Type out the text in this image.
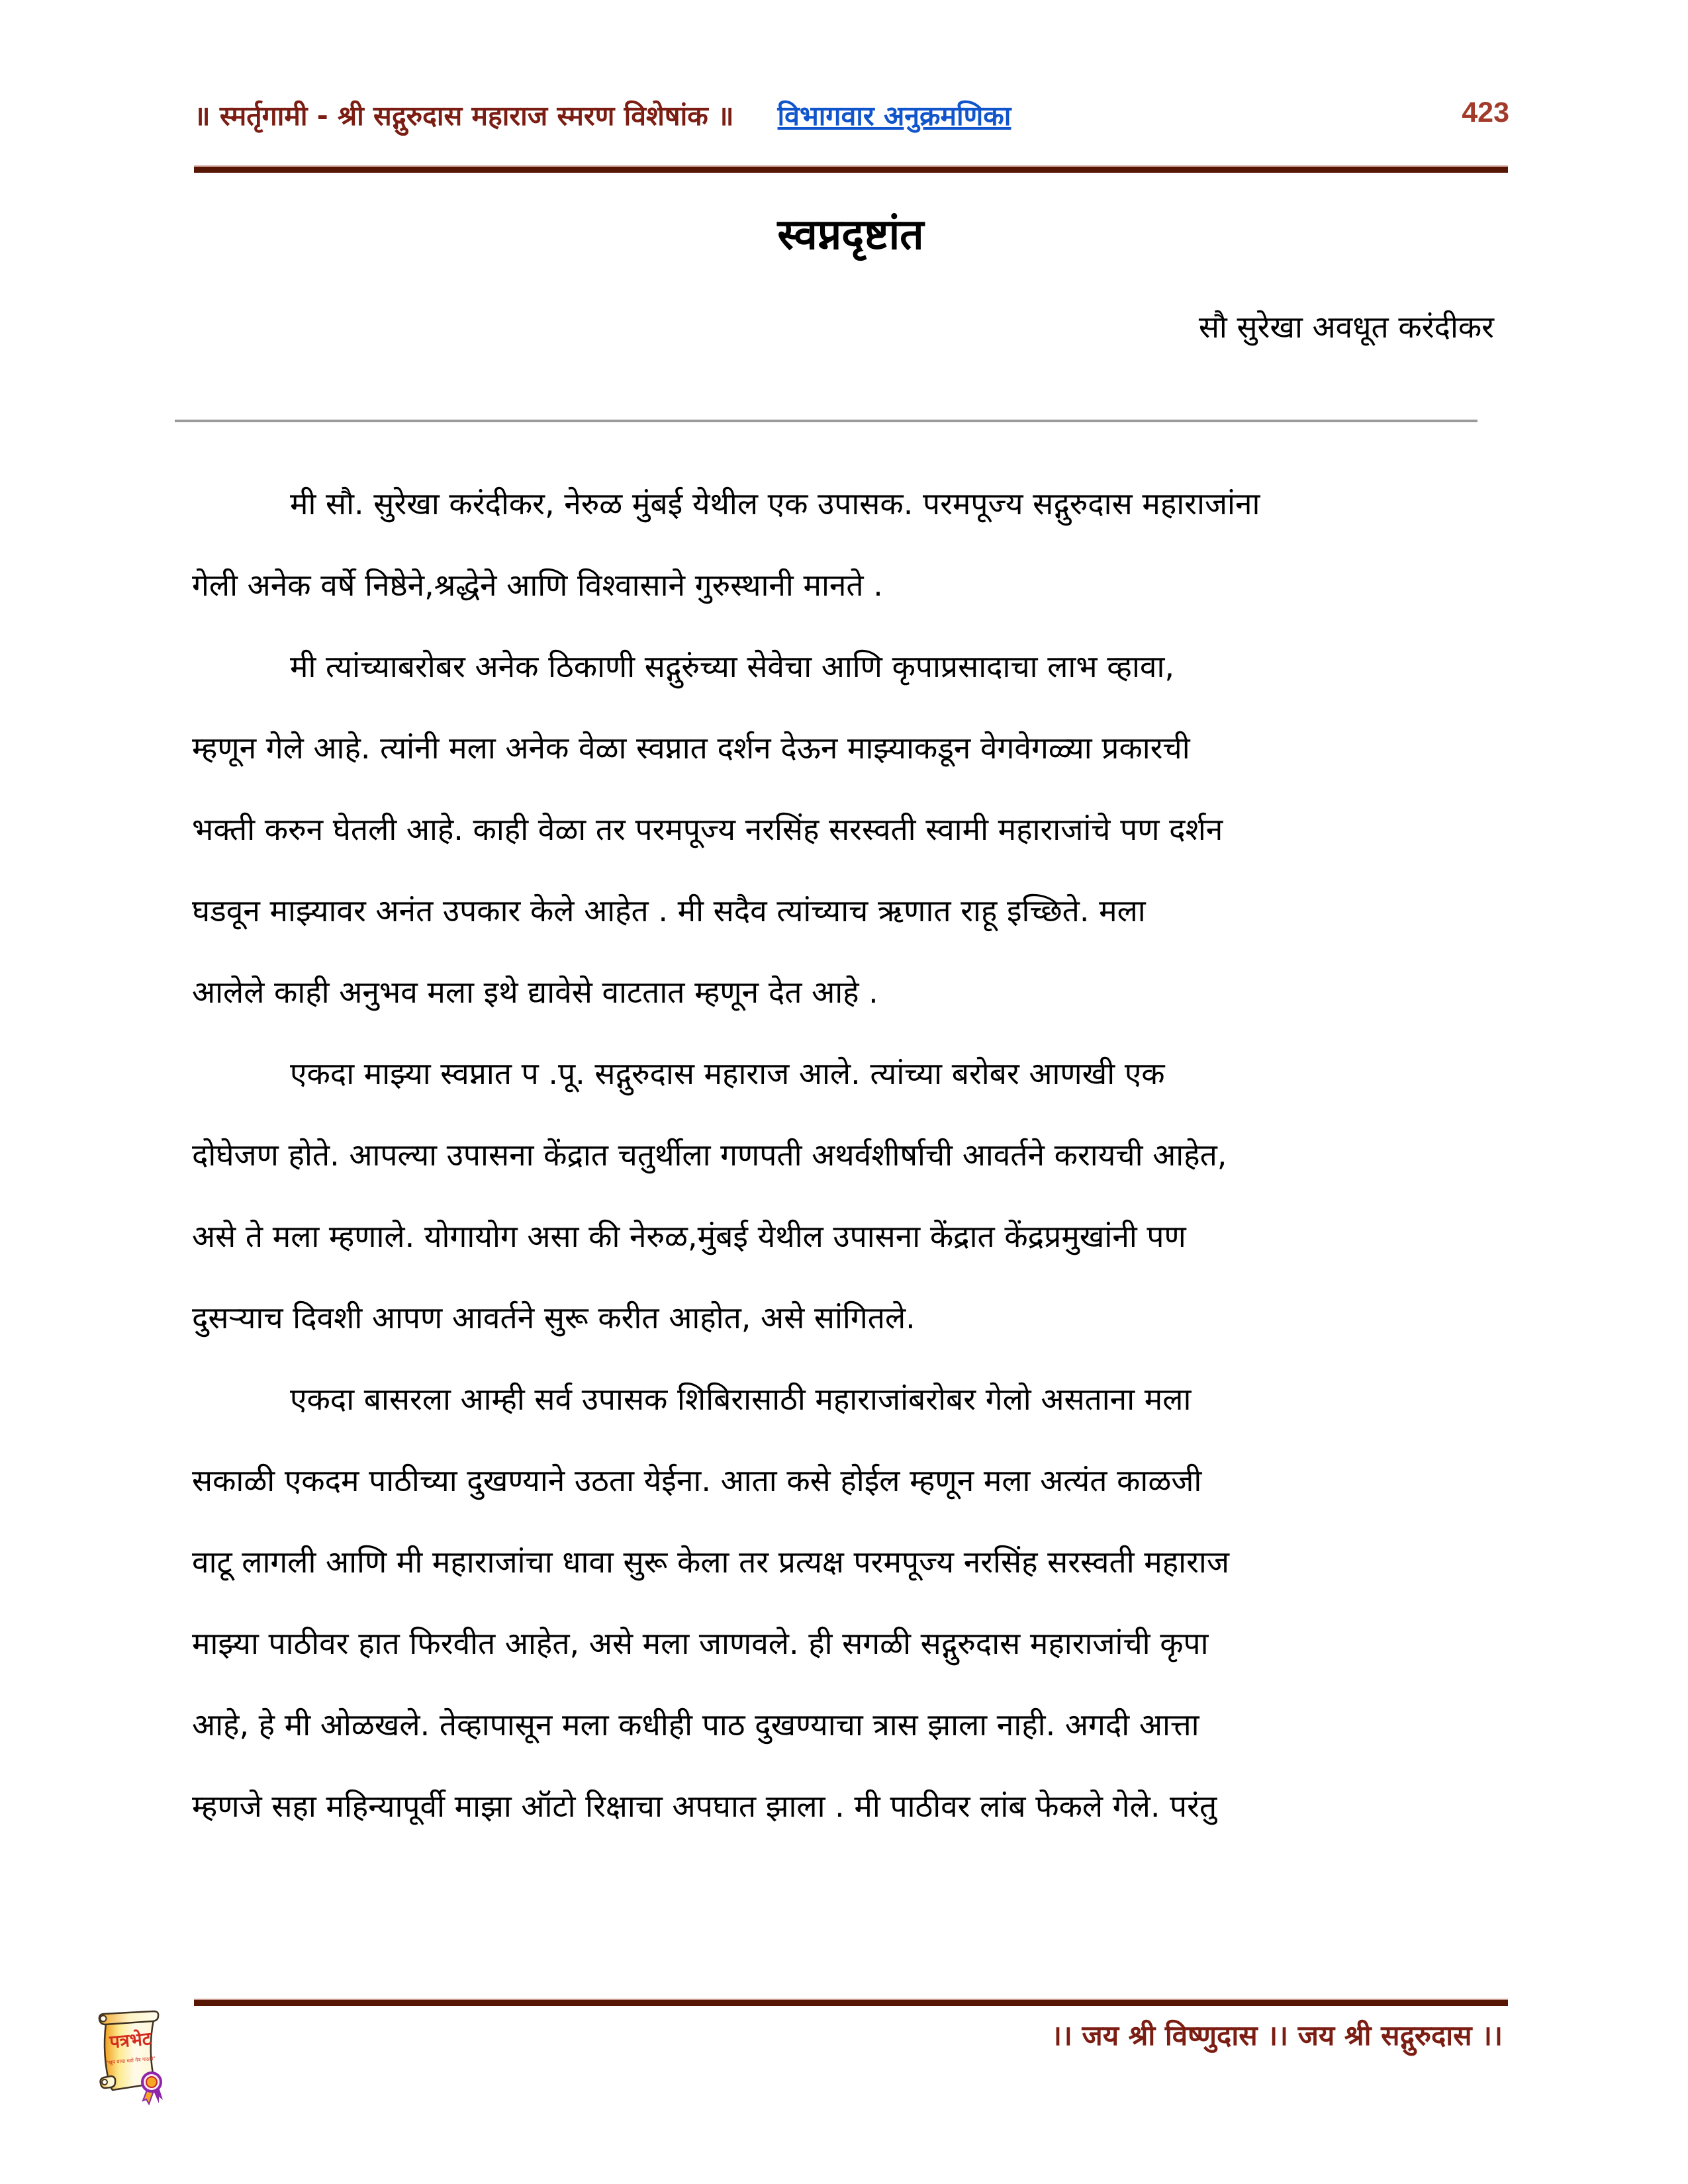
॥ स्मर्तृगामी - श्री सद्गुरुदास महाराज स्मरण विशेषांक ॥ विभागवार अनुक्रमणिका	423
स्वप्नदृष्टांत
सौ सुरेखा अवधूत करंदीकर
मी सौ. सुरेखा करंदीकर, नेरुळ मुंबई येथील एक उपासक. परमपूज्य सद्गुरुदास महाराजांना
गेली अनेक वर्षे निष्ठेने,श्रद्धेने आणि विश्वासाने गुरुस्थानी मानते .
मी त्यांच्याबरोबर अनेक ठिकाणी सद्गुरुंच्या सेवेचा आणि कृपाप्रसादाचा लाभ व्हावा,
म्हणून गेले आहे. त्यांनी मला अनेक वेळा स्वप्नात दर्शन देऊन माझ्याकडून वेगवेगळ्या प्रकारची
भक्ती करुन घेतली आहे. काही वेळा तर परमपूज्य नरसिंह सरस्वती स्वामी महाराजांचे पण दर्शन
घडवून माझ्यावर अनंत उपकार केले आहेत . मी सदैव त्यांच्याच ऋणात राहू इच्छिते. मला
आलेले काही अनुभव मला इथे द्यावेसे वाटतात म्हणून देत आहे .
एकदा माझ्या स्वप्नात प .पू. सद्गुरुदास महाराज आले. त्यांच्या बरोबर आणखी एक
दोघेजण होते. आपल्या उपासना केंद्रात चतुर्थीला गणपती अथर्वशीर्षाची आवर्तने करायची आहेत,
असे ते मला म्हणाले. योगायोग असा की नेरुळ,मुंबई येथील उपासना केंद्रात केंद्रप्रमुखांनी पण
दुसऱ्याच दिवशी आपण आवर्तने सुरू करीत आहोत, असे सांगितले.
एकदा बासरला आम्ही सर्व उपासक शिबिरासाठी महाराजांबरोबर गेलो असताना मला
सकाळी एकदम पाठीच्या दुखण्याने उठता येईना. आता कसे होईल म्हणून मला अत्यंत काळजी
वाटू लागली आणि मी महाराजांचा धावा सुरू केला तर प्रत्यक्ष परमपूज्य नरसिंह सरस्वती महाराज
माझ्या पाठीवर हात फिरवीत आहेत, असे मला जाणवले. ही सगळी सद्गुरुदास महाराजांची कृपा
आहे, हे मी ओळखले. तेव्हापासून मला कधीही पाठ दुखण्याचा त्रास झाला नाही. अगदी आत्ता
म्हणजे सहा महिन्यापूर्वी माझा ऑटो रिक्षाचा अपघात झाला . मी पाठीवर लांब फेकले गेले. परंतु
।। जय श्री विष्णुदास ।। जय श्री सद्गुरुदास ।।
पत्रभेट
"खूप वाचा घडो नेत्र गाठावे"
